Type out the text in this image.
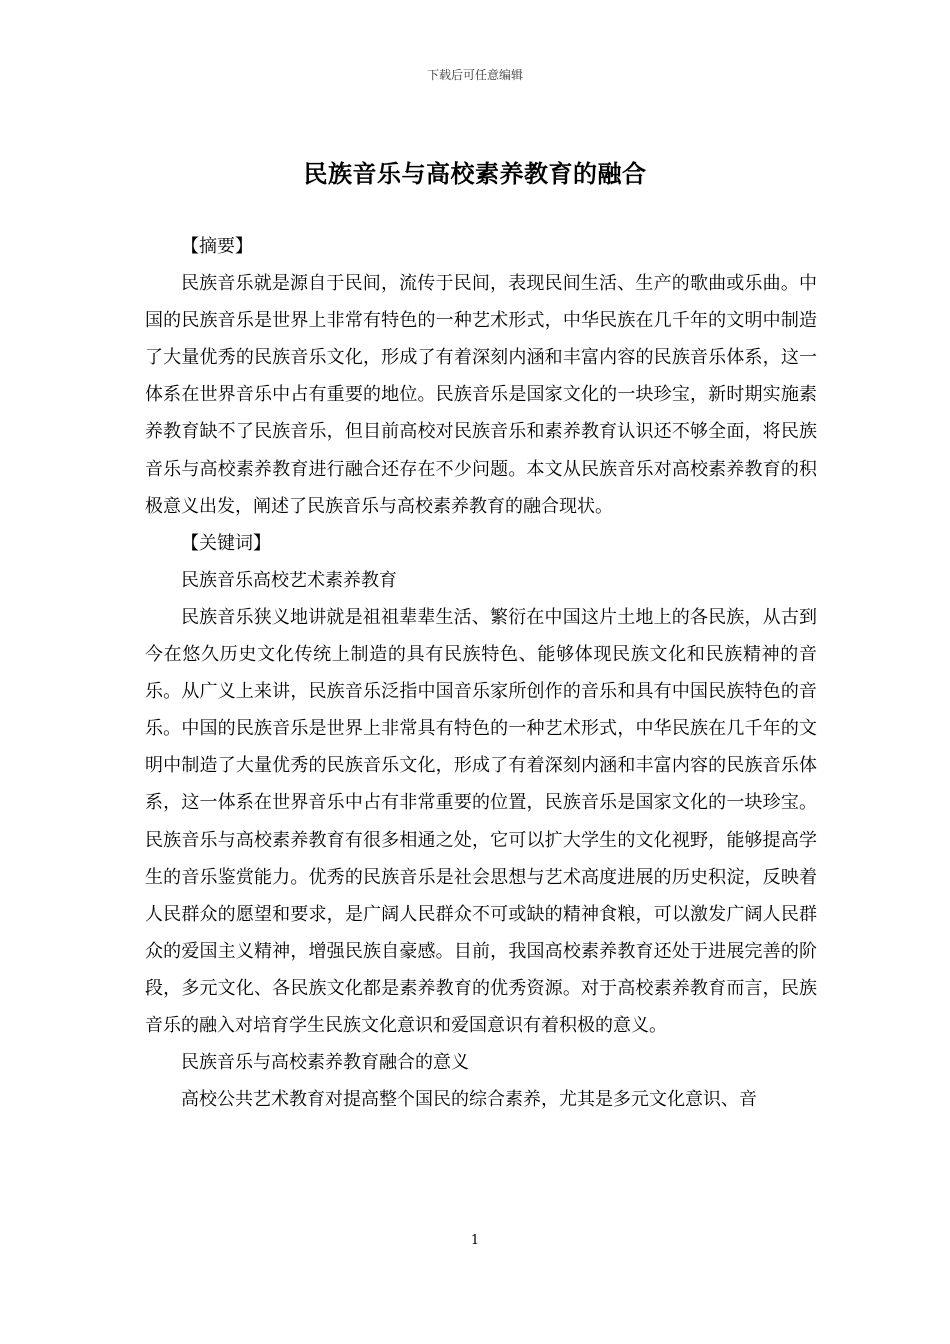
下载后可任意编辑
民族音乐与高校素养教育的融合

【摘要】

民族音乐就是源自于民间，流传于民间，表现民间生活、生产的歌曲或乐曲。中国的民族音乐是世界上非常有特色的一种艺术形式，中华民族在几千年的文明中制造了大量优秀的民族音乐文化，形成了有着深刻内涵和丰富内容的民族音乐体系，这一体系在世界音乐中占有重要的地位。民族音乐是国家文化的一块珍宝，新时期实施素养教育缺不了民族音乐，但目前高校对民族音乐和素养教育认识还不够全面，将民族音乐与高校素养教育进行融合还存在不少问题。本文从民族音乐对高校素养教育的积极意义出发，阐述了民族音乐与高校素养教育的融合现状。

【关键词】

民族音乐高校艺术素养教育

民族音乐狭义地讲就是祖祖辈辈生活、繁衍在中国这片土地上的各民族，从古到今在悠久历史文化传统上制造的具有民族特色、能够体现民族文化和民族精神的音乐。从广义上来讲，民族音乐泛指中国音乐家所创作的音乐和具有中国民族特色的音乐。中国的民族音乐是世界上非常具有特色的一种艺术形式，中华民族在几千年的文明中制造了大量优秀的民族音乐文化，形成了有着深刻内涵和丰富内容的民族音乐体系，这一体系在世界音乐中占有非常重要的位置，民族音乐是国家文化的一块珍宝。民族音乐与高校素养教育有很多相通之处，它可以扩大学生的文化视野，能够提高学生的音乐鉴赏能力。优秀的民族音乐是社会思想与艺术高度进展的历史积淀，反映着人民群众的愿望和要求，是广阔人民群众不可或缺的精神食粮，可以激发广阔人民群众的爱国主义精神，增强民族自豪感。目前，我国高校素养教育还处于进展完善的阶段，多元文化、各民族文化都是素养教育的优秀资源。对于高校素养教育而言，民族音乐的融入对培育学生民族文化意识和爱国意识有着积极的意义。

民族音乐与高校素养教育融合的意义

高校公共艺术教育对提高整个国民的综合素养，尤其是多元文化意识、音

1
